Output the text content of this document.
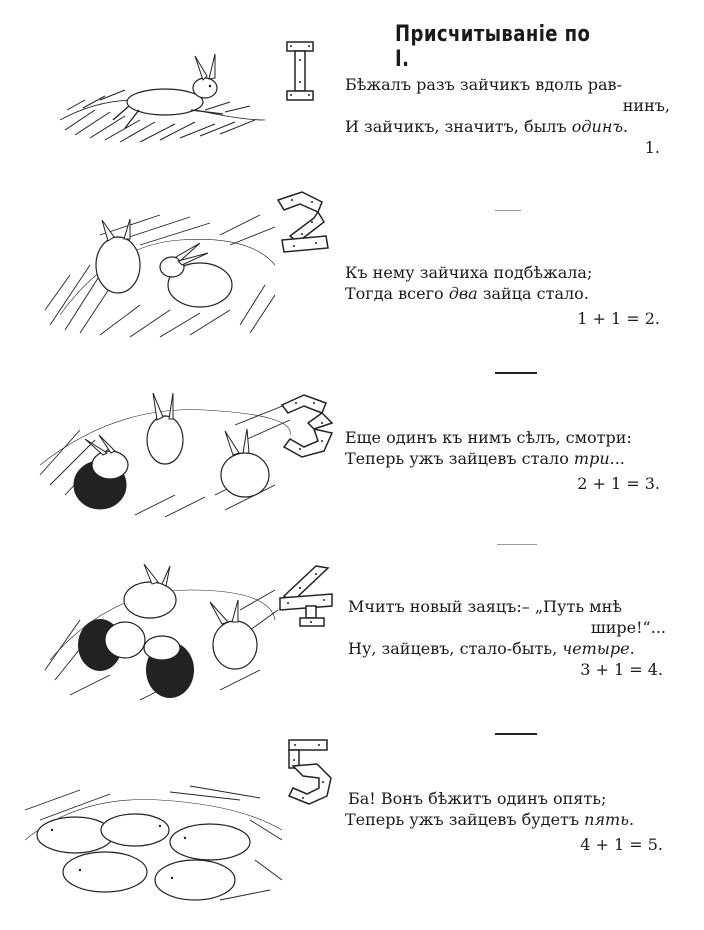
Присчитываніе по I.
Бѣжалъ разъ зайчикъ вдоль рав-
нинъ,
И зайчикъ, значитъ, былъ одинъ.
1.
Къ нему зайчиха подбѣжала;
Тогда всего два зайца стало.
1 + 1 = 2.
Еще одинъ къ нимъ сѣлъ, смотри:
Теперь ужъ зайцевъ стало три...
2 + 1 = 3.
Мчитъ новый заяцъ:– „Путь мнѣ
шире!“...
Ну, зайцевъ, стало-быть, четыре.
3 + 1 = 4.
Ба! Вонъ бѣжитъ одинъ опять;
Теперь ужъ зайцевъ будетъ пять.
4 + 1 = 5.
